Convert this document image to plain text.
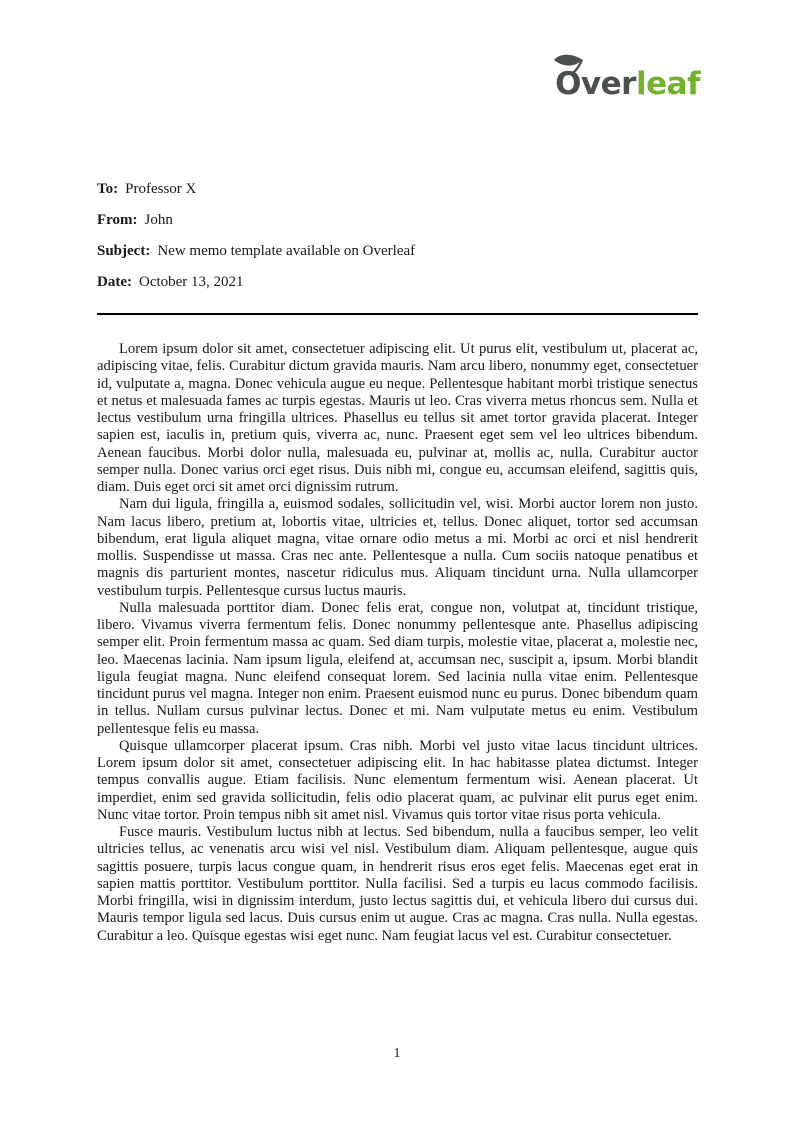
Overleaf
To: Professor X
From: John
Subject: New memo template available on Overleaf
Date: October 13, 2021

Lorem ipsum dolor sit amet, consectetuer adipiscing elit. Ut purus elit, vestibulum ut, placerat ac, adipiscing vitae, felis. Curabitur dictum gravida mauris. Nam arcu libero, nonummy eget, consectetuer id, vulputate a, magna. Donec vehicula augue eu neque. Pellentesque habitant morbi tristique senectus et netus et malesuada fames ac turpis egestas. Mauris ut leo. Cras viverra metus rhoncus sem. Nulla et lectus vestibulum urna fringilla ultrices. Phasellus eu tellus sit amet tortor gravida placerat. Integer sapien est, iaculis in, pretium quis, viverra ac, nunc. Praesent eget sem vel leo ultrices bibendum. Aenean faucibus. Morbi dolor nulla, malesuada eu, pulvinar at, mollis ac, nulla. Curabitur auctor semper nulla. Donec varius orci eget risus. Duis nibh mi, congue eu, accumsan eleifend, sagittis quis, diam. Duis eget orci sit amet orci dignissim rutrum.

Nam dui ligula, fringilla a, euismod sodales, sollicitudin vel, wisi. Morbi auctor lorem non justo. Nam lacus libero, pretium at, lobortis vitae, ultricies et, tellus. Donec aliquet, tortor sed accumsan bibendum, erat ligula aliquet magna, vitae ornare odio metus a mi. Morbi ac orci et nisl hendrerit mollis. Suspendisse ut massa. Cras nec ante. Pellentesque a nulla. Cum sociis natoque penatibus et magnis dis parturient montes, nascetur ridiculus mus. Aliquam tincidunt urna. Nulla ullamcorper vestibulum turpis. Pellentesque cursus luctus mauris.

Nulla malesuada porttitor diam. Donec felis erat, congue non, volutpat at, tincidunt tristique, libero. Vivamus viverra fermentum felis. Donec nonummy pellentesque ante. Phasellus adipiscing semper elit. Proin fermentum massa ac quam. Sed diam turpis, molestie vitae, placerat a, molestie nec, leo. Maecenas lacinia. Nam ipsum ligula, eleifend at, accumsan nec, suscipit a, ipsum. Morbi blandit ligula feugiat magna. Nunc eleifend consequat lorem. Sed lacinia nulla vitae enim. Pellentesque tincidunt purus vel magna. Integer non enim. Praesent euismod nunc eu purus. Donec bibendum quam in tellus. Nullam cursus pulvinar lectus. Donec et mi. Nam vulputate metus eu enim. Vestibulum pellentesque felis eu massa.

Quisque ullamcorper placerat ipsum. Cras nibh. Morbi vel justo vitae lacus tincidunt ultrices. Lorem ipsum dolor sit amet, consectetuer adipiscing elit. In hac habitasse platea dictumst. Integer tempus convallis augue. Etiam facilisis. Nunc elementum fermentum wisi. Aenean placerat. Ut imperdiet, enim sed gravida sollicitudin, felis odio placerat quam, ac pulvinar elit purus eget enim. Nunc vitae tortor. Proin tempus nibh sit amet nisl. Vivamus quis tortor vitae risus porta vehicula.

Fusce mauris. Vestibulum luctus nibh at lectus. Sed bibendum, nulla a faucibus semper, leo velit ultricies tellus, ac venenatis arcu wisi vel nisl. Vestibulum diam. Aliquam pellentesque, augue quis sagittis posuere, turpis lacus congue quam, in hendrerit risus eros eget felis. Maecenas eget erat in sapien mattis porttitor. Vestibulum porttitor. Nulla facilisi. Sed a turpis eu lacus commodo facilisis. Morbi fringilla, wisi in dignissim interdum, justo lectus sagittis dui, et vehicula libero dui cursus dui. Mauris tempor ligula sed lacus. Duis cursus enim ut augue. Cras ac magna. Cras nulla. Nulla egestas. Curabitur a leo. Quisque egestas wisi eget nunc. Nam feugiat lacus vel est. Curabitur consectetuer.

1
